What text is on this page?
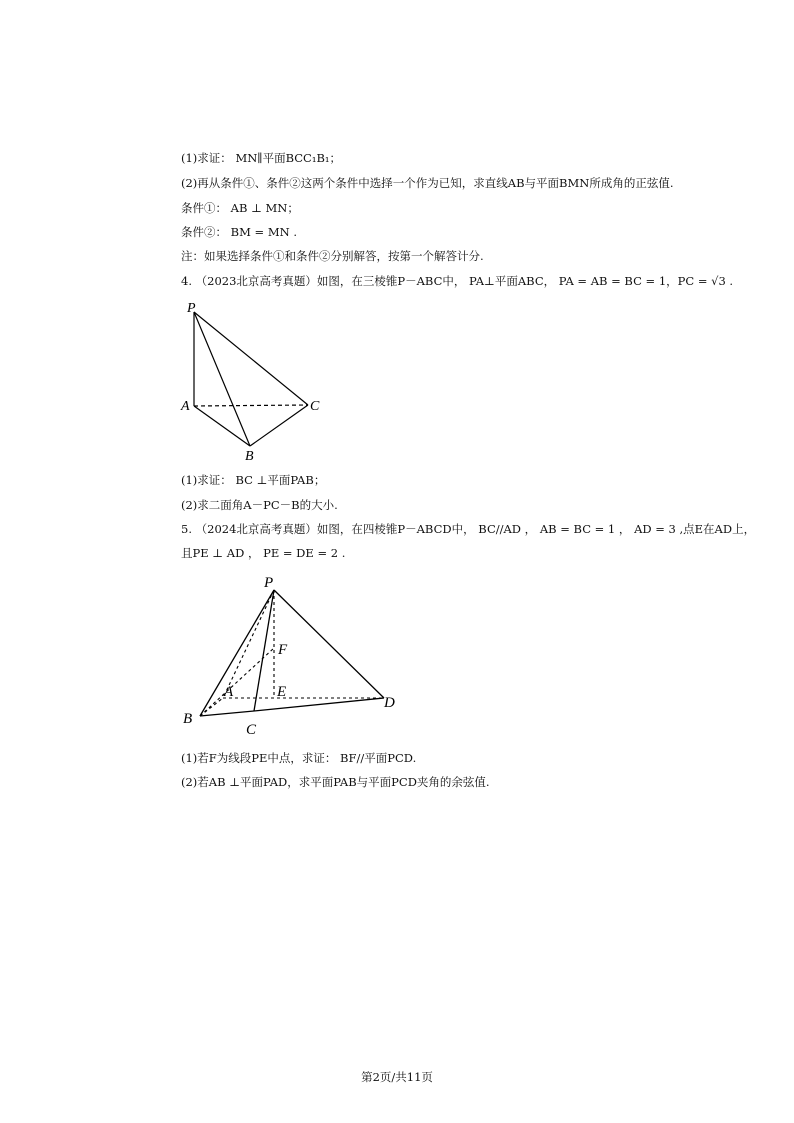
(1)求证： MN∥平面BCC₁B₁；
(2)再从条件①、条件②这两个条件中选择一个作为已知，求直线AB与平面BMN所成角的正弦值.
条件①： AB ⊥ MN；
条件②： BM = MN .
注：如果选择条件①和条件②分别解答，按第一个解答计分.
4. （2023北京高考真题）如图，在三棱锥P－ABC中， PA⊥平面ABC， PA = AB = BC = 1，PC = √3 .
P
A	C
B
(1)求证： BC ⊥平面PAB；
(2)求二面角A－PC－B的大小.
5. （2024北京高考真题）如图，在四棱锥P－ABCD中， BC//AD ， AB = BC = 1 ， AD = 3 ,点E在AD上，
且PE ⊥ AD ， PE = DE = 2 .
P
F
A	E
D
B
C
(1)若F为线段PE中点，求证： BF//平面PCD.
(2)若AB ⊥平面PAD，求平面PAB与平面PCD夹角的余弦值.
第2页/共11页
